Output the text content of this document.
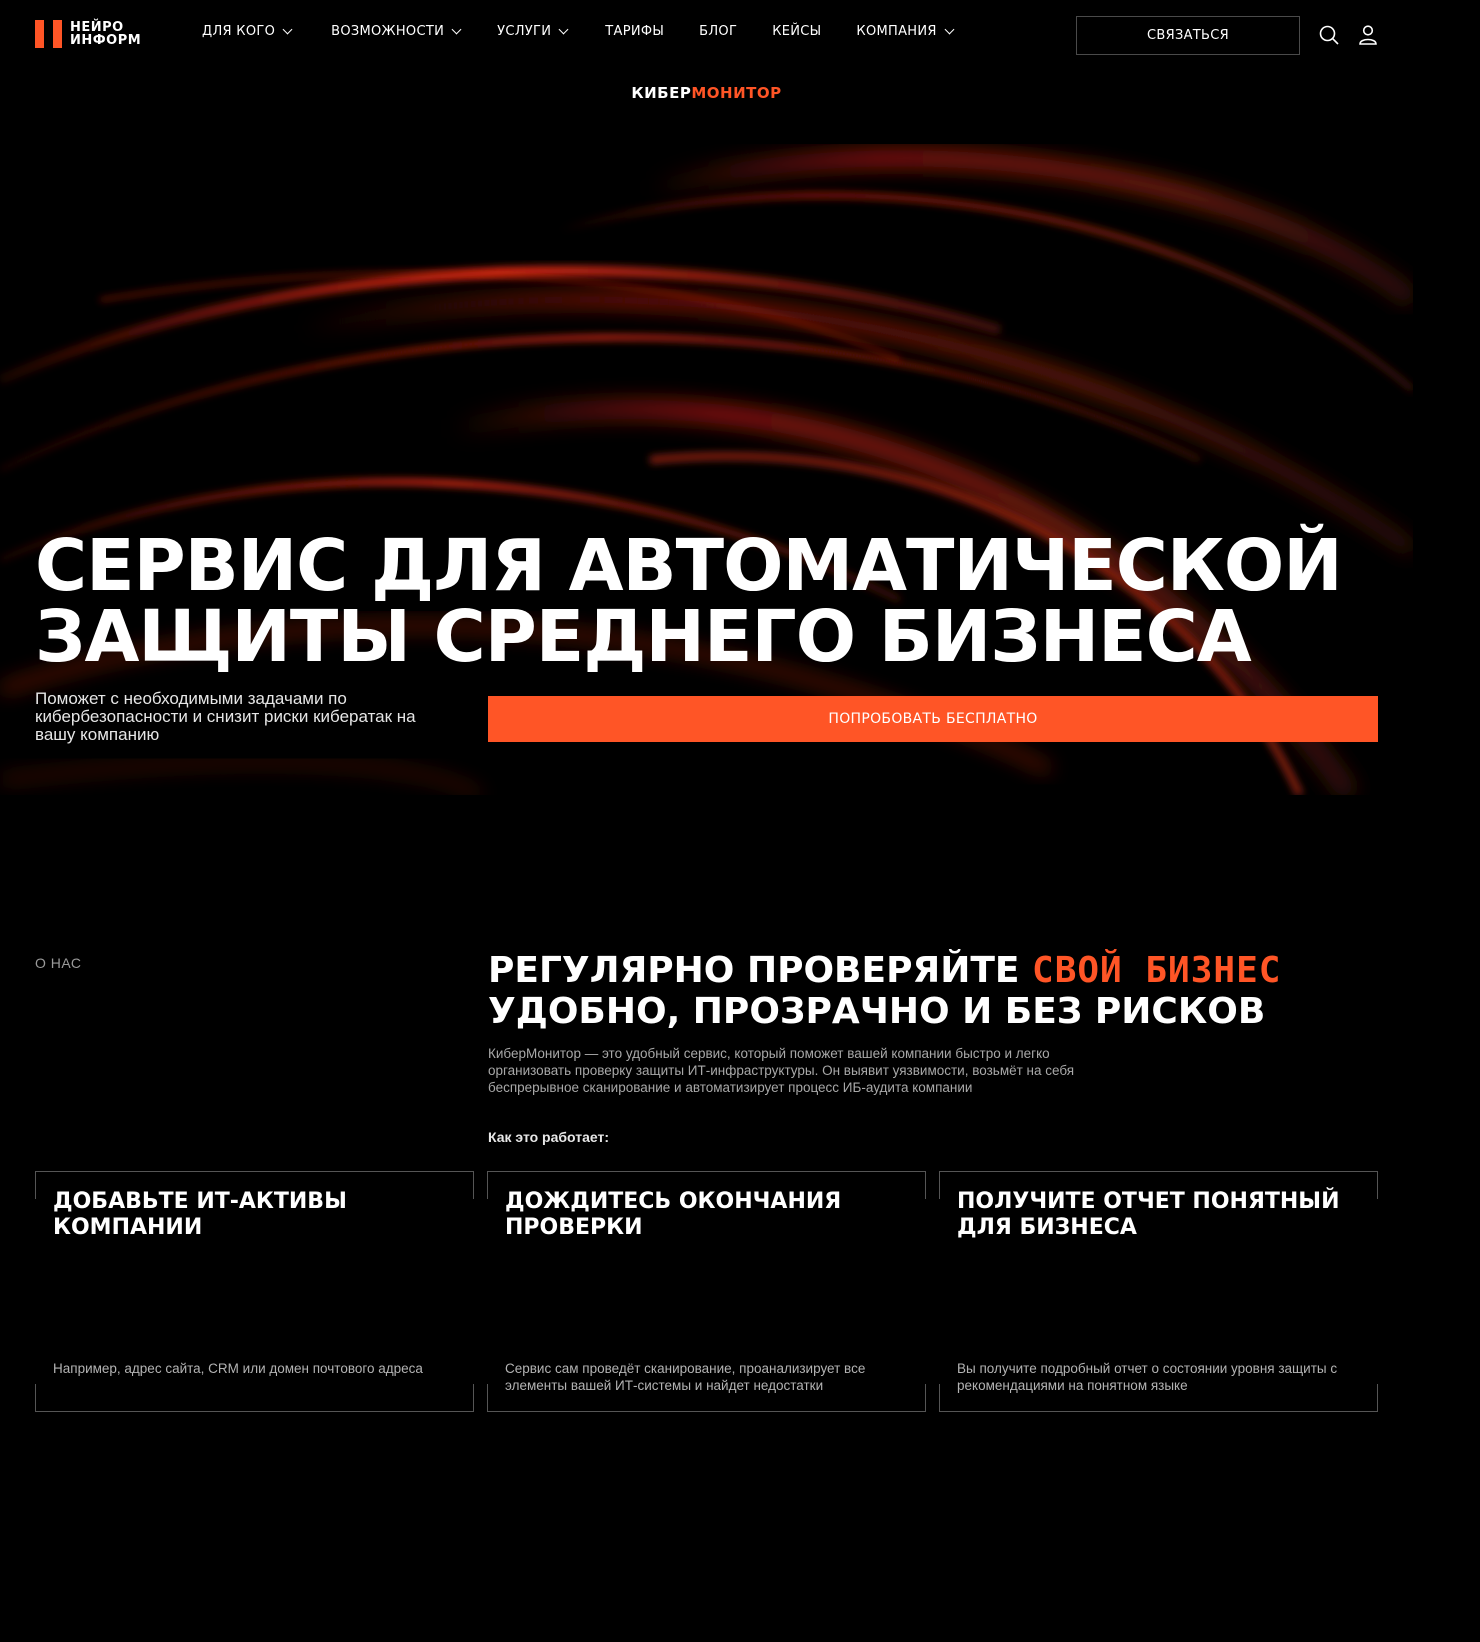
НЕЙРО
ИНФОРМ
ДЛЯ КОГО	ВОЗМОЖНОСТИ	УСЛУГИ	ТАРИФЫ	БЛОГ	КЕЙСЫ	КОМПАНИЯ	СВЯЗАТЬСЯ
КИБЕРМОНИТОР
СЕРВИС ДЛЯ АВТОМАТИЧЕСКОЙ
ЗАЩИТЫ СРЕДНЕГО БИЗНЕСА
Поможет с необходимыми задачами по кибербезопасности и снизит риски кибератак на вашу компанию
ПОПРОБОВАТЬ БЕСПЛАТНО
О НАС	РЕГУЛЯРНО ПРОВЕРЯЙТЕ СВОЙ БИЗНЕС
УДОБНО, ПРОЗРАЧНО И БЕЗ РИСКОВ
КиберМонитор — это удобный сервис, который поможет вашей компании быстро и легко организовать проверку защиты ИТ-инфраструктуры. Он выявит уязвимости, возьмёт на себя беспрерывное сканирование и автоматизирует процесс ИБ-аудита компании
Как это работает:
ДОБАВЬТЕ ИТ-АКТИВЫ КОМПАНИИ
Например, адрес сайта, CRM или домен почтового адреса
ДОЖДИТЕСЬ ОКОНЧАНИЯ ПРОВЕРКИ
Сервис сам проведёт сканирование, проанализирует все элементы вашей ИТ-системы и найдет недостатки
ПОЛУЧИТЕ ОТЧЕТ ПОНЯТНЫЙ ДЛЯ БИЗНЕСА
Вы получите подробный отчет о состоянии уровня защиты с рекомендациями на понятном языке
